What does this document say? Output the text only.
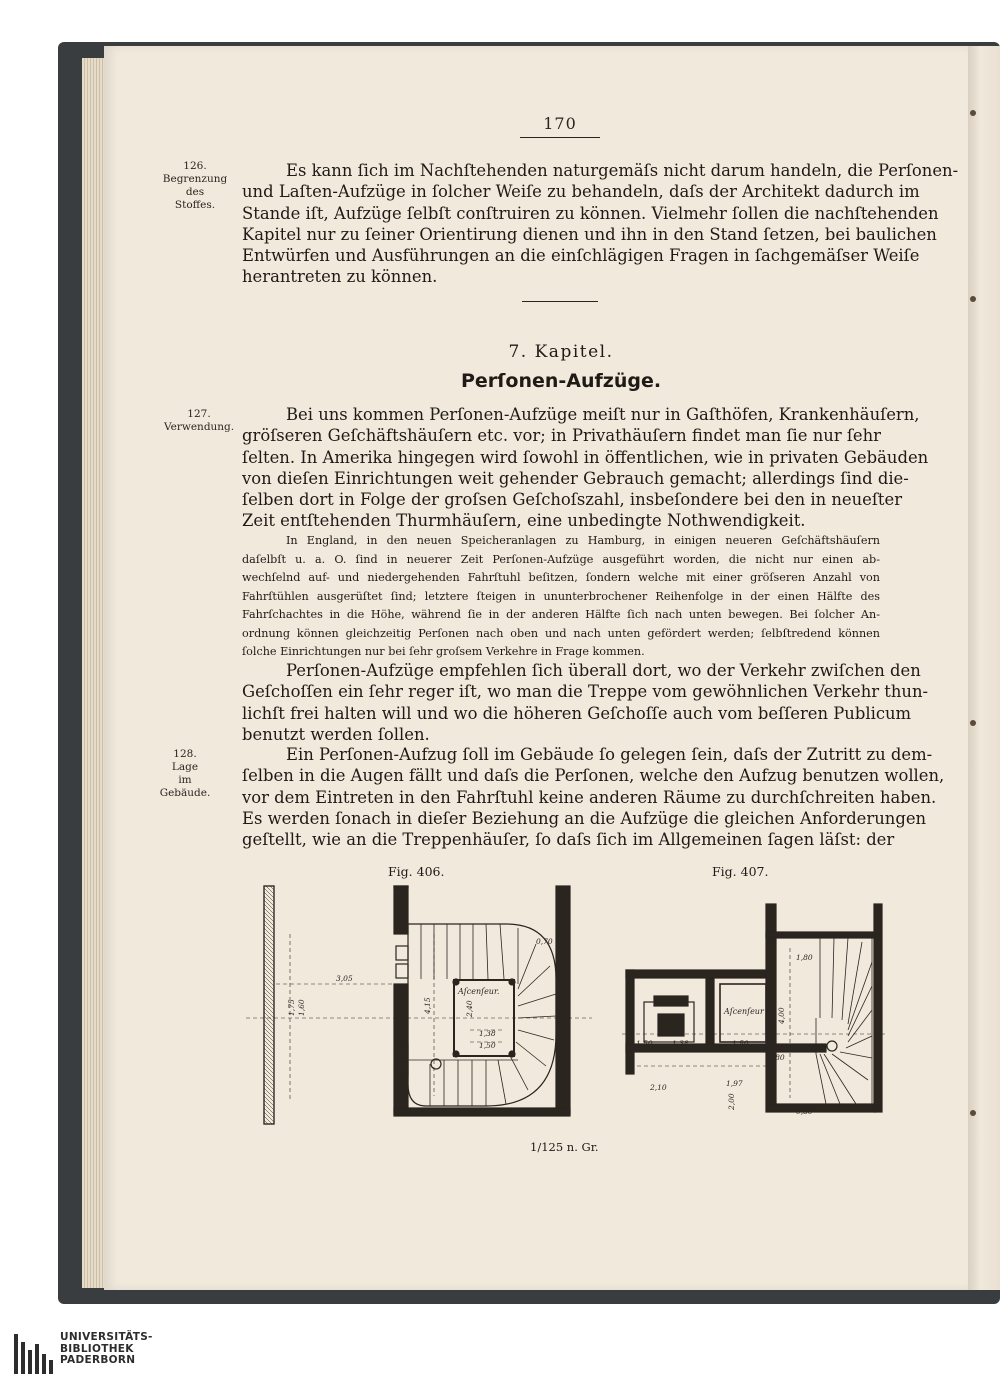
170
126.
Begrenzung
des
Stoffes.
127.
Verwendung.
128.
Lage
im
Gebäude.
Es kann ſich im Nachſtehenden naturgemäſs nicht darum handeln, die Perſonen-
und Laſten-Aufzüge in ſolcher Weiſe zu behandeln, daſs der Architekt dadurch im
Stande iſt, Aufzüge ſelbſt conſtruiren zu können. Vielmehr ſollen die nachſtehenden
Kapitel nur zu ſeiner Orientirung dienen und ihn in den Stand ſetzen, bei baulichen
Entwürfen und Ausführungen an die einſchlägigen Fragen in ſachgemäſser Weiſe
herantreten zu können.
7. Kapitel.
Perſonen-Aufzüge.
Bei uns kommen Perſonen-Aufzüge meiſt nur in Gaſthöfen, Krankenhäuſern,
gröſseren Geſchäftshäuſern etc. vor; in Privathäuſern findet man ſie nur ſehr
ſelten. In Amerika hingegen wird ſowohl in öffentlichen, wie in privaten Gebäuden
von dieſen Einrichtungen weit gehender Gebrauch gemacht; allerdings ſind die-
ſelben dort in Folge der groſsen Geſchoſszahl, insbeſondere bei den in neueſter
Zeit entſtehenden Thurmhäuſern, eine unbedingte Nothwendigkeit.
In England, in den neuen Speicheranlagen zu Hamburg, in einigen neueren Geſchäftshäuſern
daſelbſt u. a. O. ſind in neuerer Zeit Perſonen-Aufzüge ausgeführt worden, die nicht nur einen ab-
wechſelnd auf- und niedergehenden Fahrſtuhl beſitzen, ſondern welche mit einer gröſseren Anzahl von
Fahrſtühlen ausgerüſtet ſind; letztere ſteigen in ununterbrochener Reihenfolge in der einen Hälfte des
Fahrſchachtes in die Höhe, während ſie in der anderen Hälfte ſich nach unten bewegen. Bei ſolcher An-
ordnung können gleichzeitig Perſonen nach oben und nach unten gefördert werden; ſelbſtredend können
ſolche Einrichtungen nur bei ſehr groſsem Verkehre in Frage kommen.
Perſonen-Aufzüge empfehlen ſich überall dort, wo der Verkehr zwiſchen den
Geſchoſſen ein ſehr reger iſt, wo man die Treppe vom gewöhnlichen Verkehr thun-
lichſt frei halten will und wo die höheren Geſchoſſe auch vom beſſeren Publicum
benutzt werden ſollen.
Ein Perſonen-Aufzug ſoll im Gebäude ſo gelegen ſein, daſs der Zutritt zu dem-
ſelben in die Augen fällt und daſs die Perſonen, welche den Aufzug benutzen wollen,
vor dem Eintreten in den Fahrſtuhl keine anderen Räume zu durchſchreiten haben.
Es werden ſonach in dieſer Beziehung an die Aufzüge die gleichen Anforderungen
geſtellt, wie an die Treppenhäuſer, ſo daſs ſich im Allgemeinen ſagen läſst: der
Fig. 406.	Fig. 407.
Aſcenſeur.
3,05
1,75	4,15	2,40
1,38
1,50
1,60
0,70
Aſcenſeur
1,80
4,00
1,50	1,38	1,50
1,80
2,10	1,97
2,00
0,80
1/125 n. Gr.
UNIVERSITÄTS-
BIBLIOTHEK
PADERBORN
